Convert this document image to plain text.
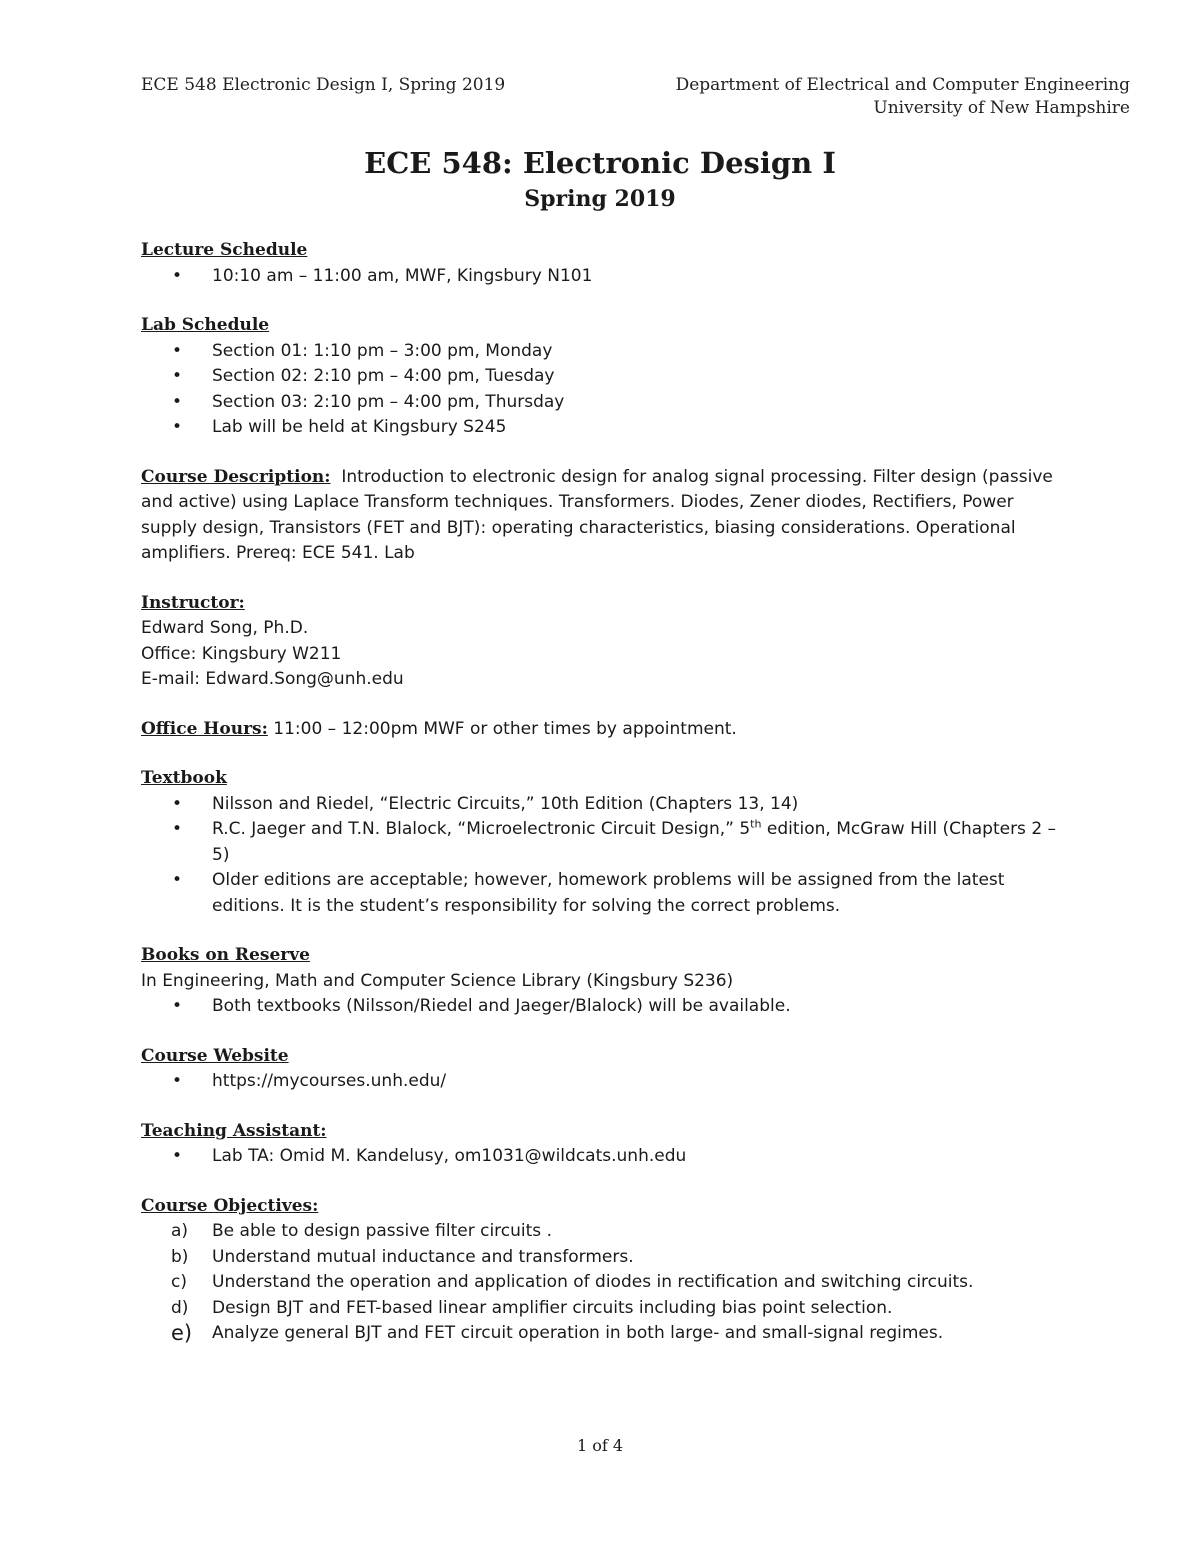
ECE 548 Electronic Design I, Spring 2019	Department of Electrical and Computer Engineering
University of New Hampshire
ECE 548: Electronic Design I
Spring 2019
Lecture Schedule
• 10:10 am – 11:00 am, MWF, Kingsbury N101
Lab Schedule
• Section 01: 1:10 pm – 3:00 pm, Monday
• Section 02: 2:10 pm – 4:00 pm, Tuesday
• Section 03: 2:10 pm – 4:00 pm, Thursday
• Lab will be held at Kingsbury S245
Course Description: Introduction to electronic design for analog signal processing. Filter design (passive and active) using Laplace Transform techniques. Transformers. Diodes, Zener diodes, Rectifiers, Power supply design, Transistors (FET and BJT): operating characteristics, biasing considerations. Operational amplifiers. Prereq: ECE 541. Lab
Instructor:
Edward Song, Ph.D.
Office: Kingsbury W211
E-mail: Edward.Song@unh.edu
Office Hours: 11:00 – 12:00pm MWF or other times by appointment.
Textbook
• Nilsson and Riedel, “Electric Circuits,” 10th Edition (Chapters 13, 14)
• R.C. Jaeger and T.N. Blalock, “Microelectronic Circuit Design,” 5th edition, McGraw Hill (Chapters 2 – 5)
• Older editions are acceptable; however, homework problems will be assigned from the latest editions. It is the student’s responsibility for solving the correct problems.
Books on Reserve
In Engineering, Math and Computer Science Library (Kingsbury S236)
• Both textbooks (Nilsson/Riedel and Jaeger/Blalock) will be available.
Course Website
• https://mycourses.unh.edu/
Teaching Assistant:
• Lab TA: Omid M. Kandelusy, om1031@wildcats.unh.edu
Course Objectives:
a) Be able to design passive filter circuits .
b) Understand mutual inductance and transformers.
c) Understand the operation and application of diodes in rectification and switching circuits.
d) Design BJT and FET-based linear amplifier circuits including bias point selection.
e) Analyze general BJT and FET circuit operation in both large- and small-signal regimes.
1 of 4
